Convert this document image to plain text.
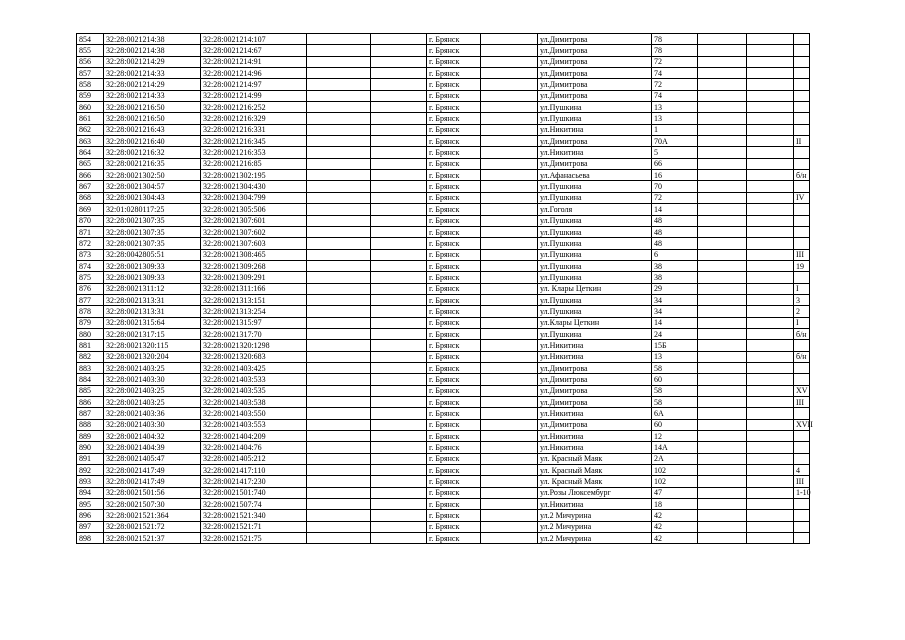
854	32:28:0021214:38	32:28:0021214:107			г. Брянск		ул.Димитрова	78			
855	32:28:0021214:38	32:28:0021214:67			г. Брянск		ул.Димитрова	78			
856	32:28:0021214:29	32:28:0021214:91			г. Брянск		ул.Димитрова	72			
857	32:28:0021214:33	32:28:0021214:96			г. Брянск		ул.Димитрова	74			
858	32:28:0021214:29	32:28:0021214:97			г. Брянск		ул.Димитрова	72			
859	32:28:0021214:33	32:28:0021214:99			г. Брянск		ул.Димитрова	74			
860	32:28:0021216:50	32:28:0021216:252			г. Брянск		ул.Пушкина	13			
861	32:28:0021216:50	32:28:0021216:329			г. Брянск		ул.Пушкина	13			
862	32:28:0021216:43	32:28:0021216:331			г. Брянск		ул.Никитина	1			
863	32:28:0021216:40	32:28:0021216:345			г. Брянск		ул.Димитрова	70А			II
864	32:28:0021216:32	32:28:0021216:353			г. Брянск		ул.Никитина	5			
865	32:28:0021216:35	32:28:0021216:85			г. Брянск		ул.Димитрова	66			
866	32:28:0021302:50	32:28:0021302:195			г. Брянск		ул.Афанасьева	16			б/н
867	32:28:0021304:57	32:28:0021304:430			г. Брянск		ул.Пушкина	70			
868	32:28:0021304:43	32:28:0021304:799			г. Брянск		ул.Пушкина	72			IV
869	32:01:0280117:25	32:28:0021305:506			г. Брянск		ул.Гоголя	14			
870	32:28:0021307:35	32:28:0021307:601			г. Брянск		ул.Пушкина	48			
871	32:28:0021307:35	32:28:0021307:602			г. Брянск		ул.Пушкина	48			
872	32:28:0021307:35	32:28:0021307:603			г. Брянск		ул.Пушкина	48			
873	32:28:0042805:51	32:28:0021308:465			г. Брянск		ул.Пушкина	6			III
874	32:28:0021309:33	32:28:0021309:268			г. Брянск		ул.Пушкина	38			19
875	32:28:0021309:33	32:28:0021309:291			г. Брянск		ул.Пушкина	38			
876	32:28:0021311:12	32:28:0021311:166			г. Брянск		ул. Клары Цеткин	29			I
877	32:28:0021313:31	32:28:0021313:151			г. Брянск		ул.Пушкина	34			3
878	32:28:0021313:31	32:28:0021313:254			г. Брянск		ул.Пушкина	34			2
879	32:28:0021315:64	32:28:0021315:97			г. Брянск		ул.Клары Цеткин	14			I
880	32:28:0021317:15	32:28:0021317:70			г. Брянск		ул.Пушкина	24			б/н
881	32:28:0021320:115	32:28:0021320:1298			г. Брянск		ул.Никитина	15Б			
882	32:28:0021320:204	32:28:0021320:683			г. Брянск		ул.Никитина	13			б/н
883	32:28:0021403:25	32:28:0021403:425			г. Брянск		ул.Димитрова	58			
884	32:28:0021403:30	32:28:0021403:533			г. Брянск		ул.Димитрова	60			
885	32:28:0021403:25	32:28:0021403:535			г. Брянск		ул.Димитрова	58			XV
886	32:28:0021403:25	32:28:0021403:538			г. Брянск		ул.Димитрова	58			III
887	32:28:0021403:36	32:28:0021403:550			г. Брянск		ул.Никитина	6А			
888	32:28:0021403:30	32:28:0021403:553			г. Брянск		ул.Димитрова	60			XVII
889	32:28:0021404:32	32:28:0021404:209			г. Брянск		ул.Никитина	12			
890	32:28:0021404:39	32:28:0021404:76			г. Брянск		ул.Никитина	14А			
891	32:28:0021405:47	32:28:0021405:212			г. Брянск		ул. Красный Маяк	2А			
892	32:28:0021417:49	32:28:0021417:110			г. Брянск		ул. Красный Маяк	102			4
893	32:28:0021417:49	32:28:0021417:230			г. Брянск		ул. Красный Маяк	102			III
894	32:28:0021501:56	32:28:0021501:740			г. Брянск		ул.Розы Люксембург	47			1-10
895	32:28:0021507:30	32:28:0021507:74			г. Брянск		ул.Никитина	18			
896	32:28:0021521:364	32:28:0021521:340			г. Брянск		ул.2 Мичурина	42			
897	32:28:0021521:72	32:28:0021521:71			г. Брянск		ул.2 Мичурина	42			
898	32:28:0021521:37	32:28:0021521:75			г. Брянск		ул.2 Мичурина	42			
